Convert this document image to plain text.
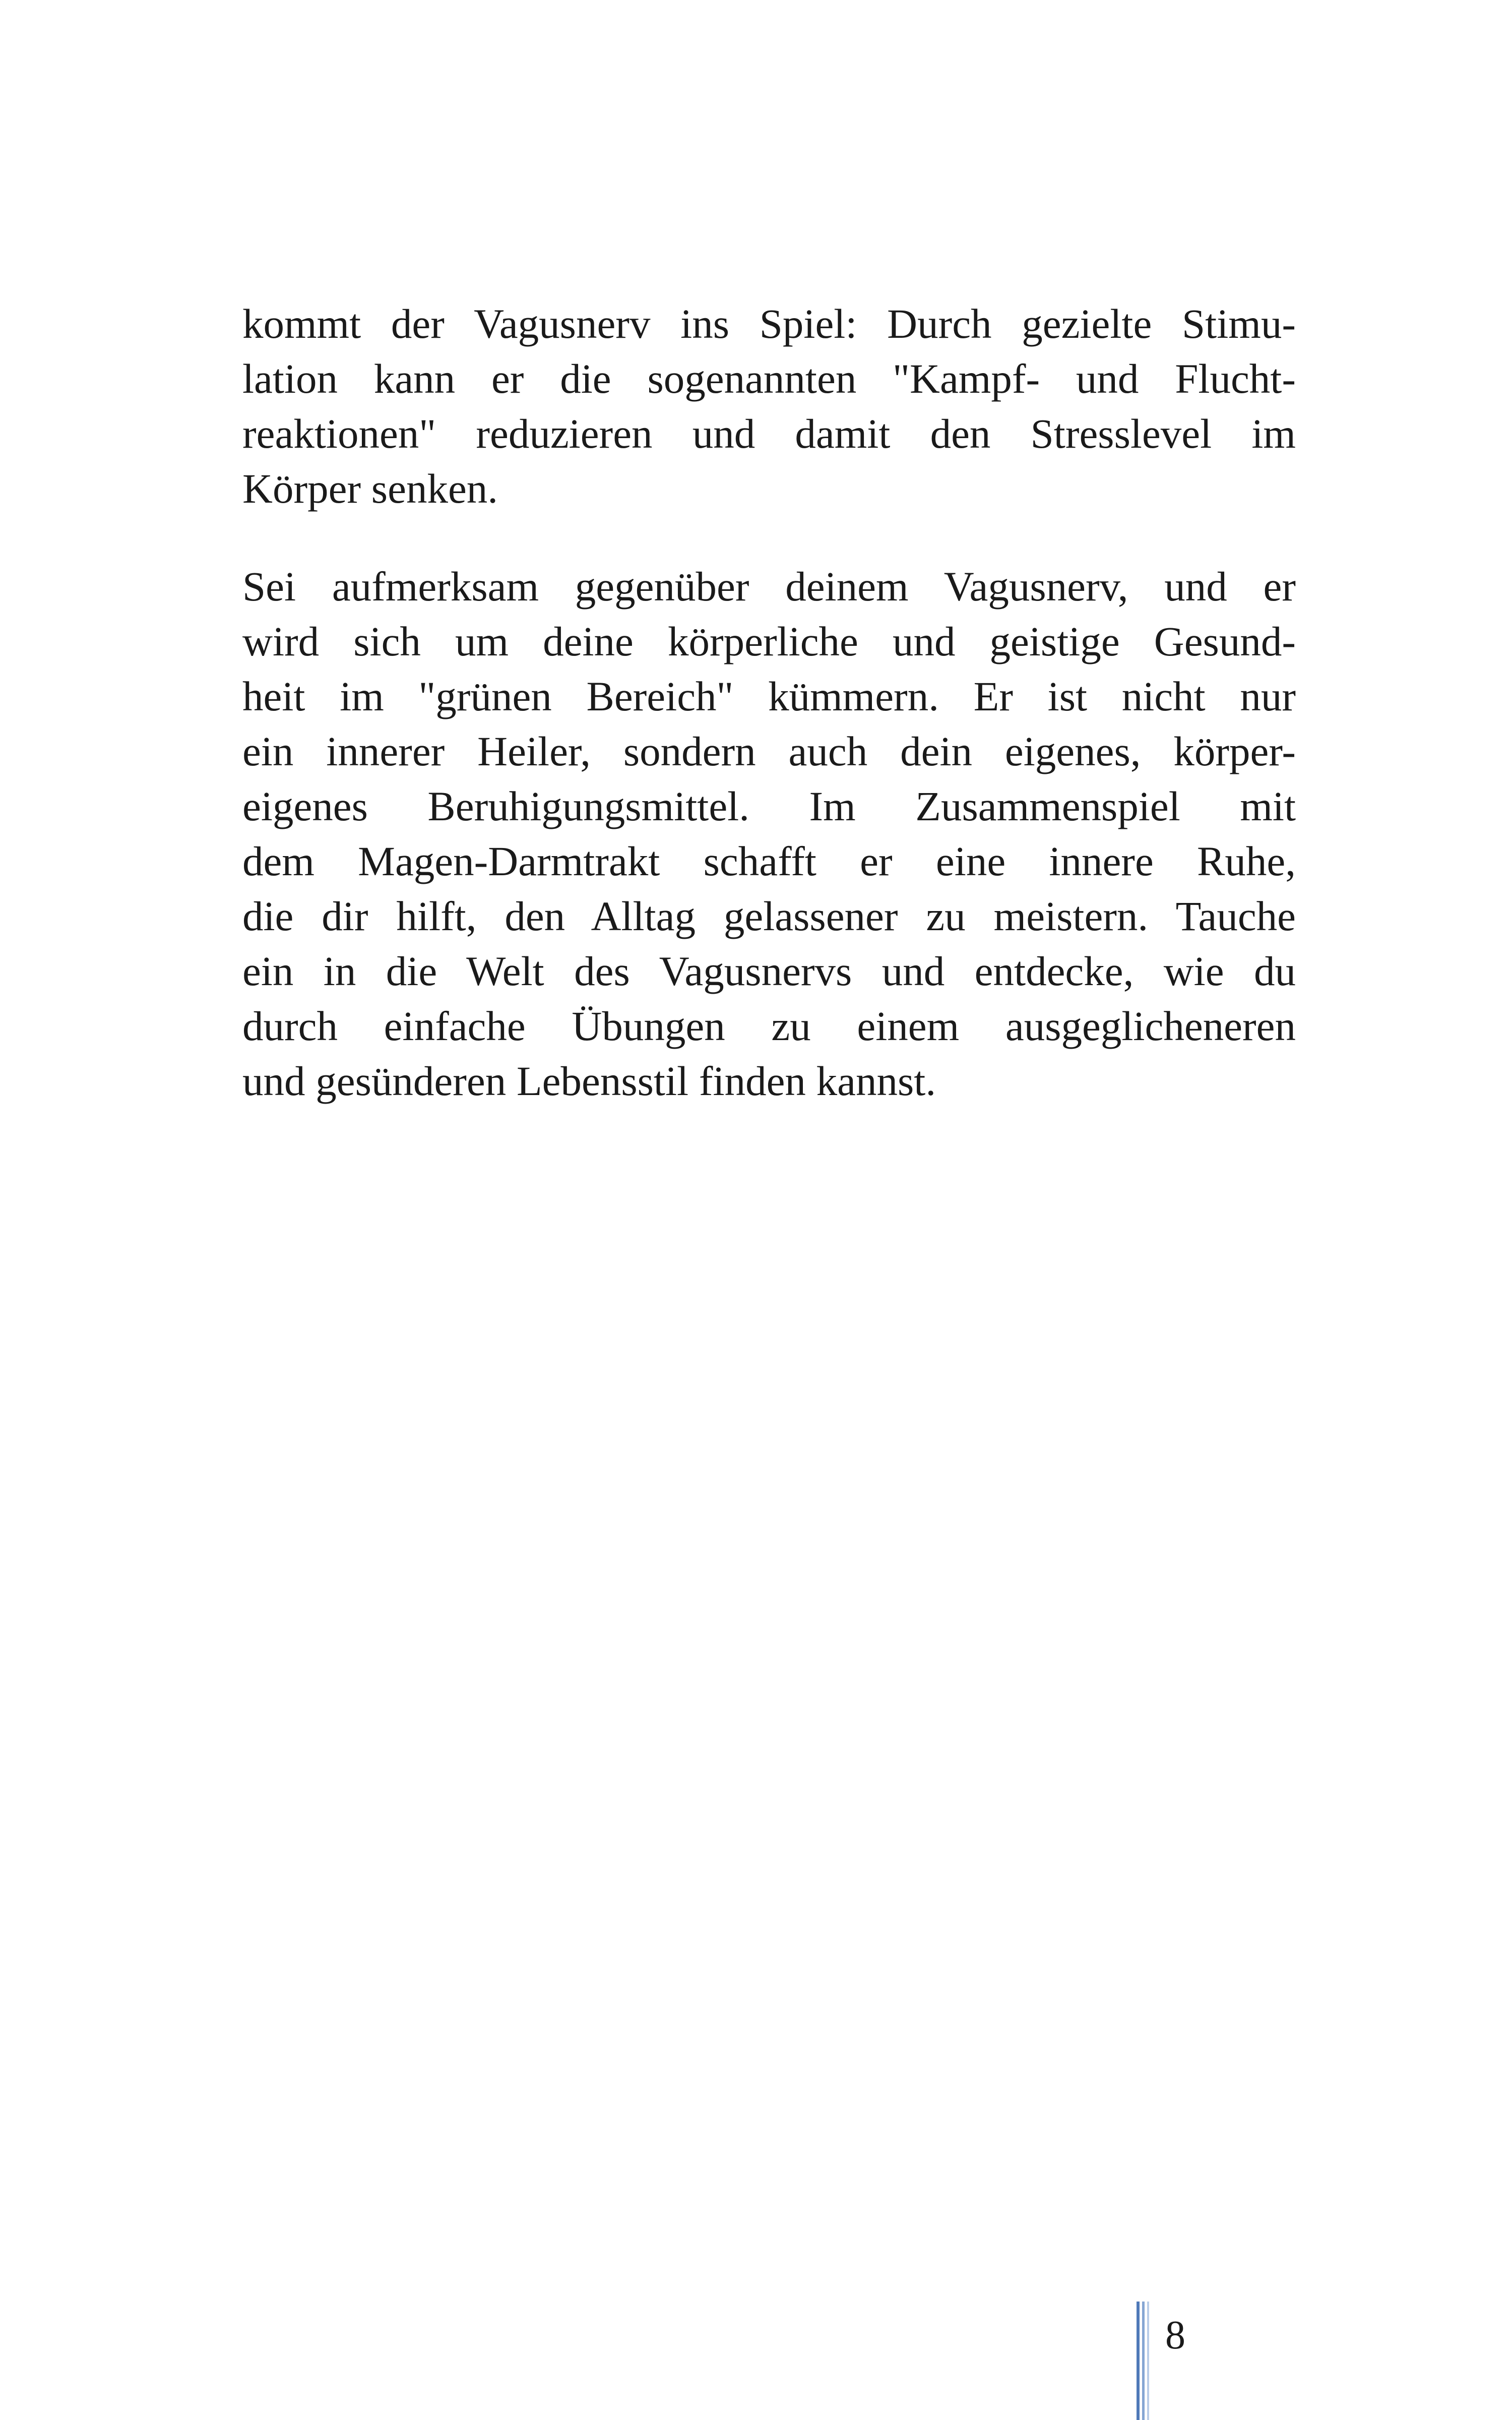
kommt der Vagusnerv ins Spiel: Durch gezielte Stimu-
lation kann er die sogenannten "Kampf- und Flucht-
reaktionen" reduzieren und damit den Stresslevel im
Körper senken.
Sei aufmerksam gegenüber deinem Vagusnerv, und er
wird sich um deine körperliche und geistige Gesund-
heit im "grünen Bereich" kümmern. Er ist nicht nur
ein innerer Heiler, sondern auch dein eigenes, körper-
eigenes Beruhigungsmittel. Im Zusammenspiel mit
dem Magen-Darmtrakt schafft er eine innere Ruhe,
die dir hilft, den Alltag gelassener zu meistern. Tauche
ein in die Welt des Vagusnervs und entdecke, wie du
durch einfache Übungen zu einem ausgeglicheneren
und gesünderen Lebensstil finden kannst.
8
